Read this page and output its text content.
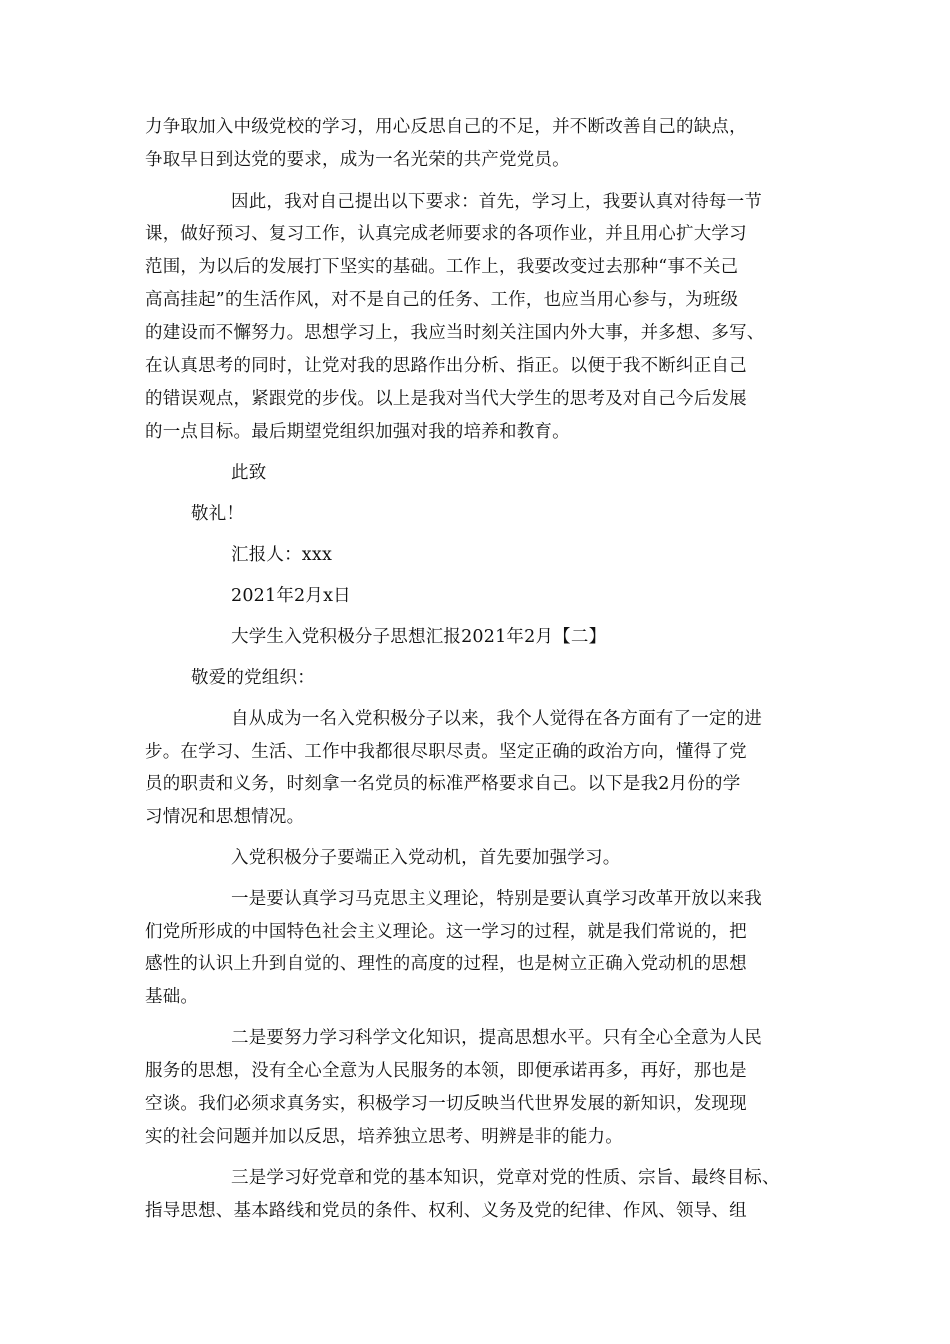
力争取加入中级党校的学习，用心反思自己的不足，并不断改善自己的缺点，
争取早日到达党的要求，成为一名光荣的共产党党员。
因此，我对自己提出以下要求：首先，学习上，我要认真对待每一节
课，做好预习、复习工作，认真完成老师要求的各项作业，并且用心扩大学习
范围，为以后的发展打下坚实的基础。工作上，我要改变过去那种“事不关己
高高挂起”的生活作风，对不是自己的任务、工作，也应当用心参与，为班级
的建设而不懈努力。思想学习上，我应当时刻关注国内外大事，并多想、多写、
在认真思考的同时，让党对我的思路作出分析、指正。以便于我不断纠正自己
的错误观点，紧跟党的步伐。以上是我对当代大学生的思考及对自己今后发展
的一点目标。最后期望党组织加强对我的培养和教育。
此致
敬礼！
汇报人：xxx
2021年2月x日
大学生入党积极分子思想汇报2021年2月【二】
敬爱的党组织：
自从成为一名入党积极分子以来，我个人觉得在各方面有了一定的进
步。在学习、生活、工作中我都很尽职尽责。坚定正确的政治方向，懂得了党
员的职责和义务，时刻拿一名党员的标准严格要求自己。以下是我2月份的学
习情况和思想情况。
入党积极分子要端正入党动机，首先要加强学习。
一是要认真学习马克思主义理论，特别是要认真学习改革开放以来我
们党所形成的中国特色社会主义理论。这一学习的过程，就是我们常说的，把
感性的认识上升到自觉的、理性的高度的过程，也是树立正确入党动机的思想
基础。
二是要努力学习科学文化知识，提高思想水平。只有全心全意为人民
服务的思想，没有全心全意为人民服务的本领，即便承诺再多，再好，那也是
空谈。我们必须求真务实，积极学习一切反映当代世界发展的新知识，发现现
实的社会问题并加以反思，培养独立思考、明辨是非的能力。
三是学习好党章和党的基本知识，党章对党的性质、宗旨、最终目标、
指导思想、基本路线和党员的条件、权利、义务及党的纪律、作风、领导、组
